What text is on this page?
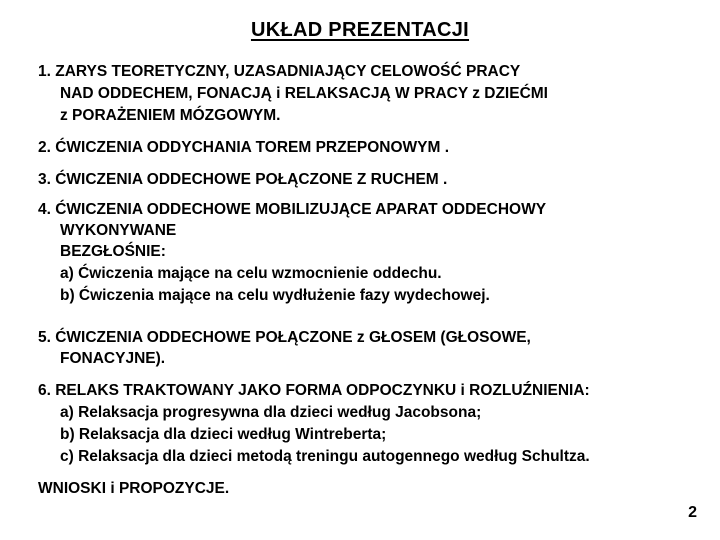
UKŁAD PREZENTACJI
1. ZARYS TEORETYCZNY, UZASADNIAJĄCY CELOWOŚĆ PRACY
NAD ODDECHEM, FONACJĄ i RELAKSACJĄ W PRACY z DZIEĆMI
z PORAŻENIEM MÓZGOWYM.
2. ĆWICZENIA ODDYCHANIA TOREM PRZEPONOWYM .
3. ĆWICZENIA ODDECHOWE POŁĄCZONE Z RUCHEM .
4. ĆWICZENIA ODDECHOWE MOBILIZUJĄCE APARAT ODDECHOWY
WYKONYWANE
BEZGŁOŚNIE:
a) Ćwiczenia mające na celu wzmocnienie oddechu.
b) Ćwiczenia mające na celu wydłużenie fazy wydechowej.
5. ĆWICZENIA ODDECHOWE POŁĄCZONE z GŁOSEM (GŁOSOWE,
FONACYJNE).
6. RELAKS TRAKTOWANY JAKO FORMA ODPOCZYNKU i ROZLUŹNIENIA:
a) Relaksacja progresywna dla dzieci według Jacobsona;
b) Relaksacja dla dzieci według Wintreberta;
c) Relaksacja dla dzieci metodą treningu autogennego według Schultza.
WNIOSKI i PROPOZYCJE.
2
